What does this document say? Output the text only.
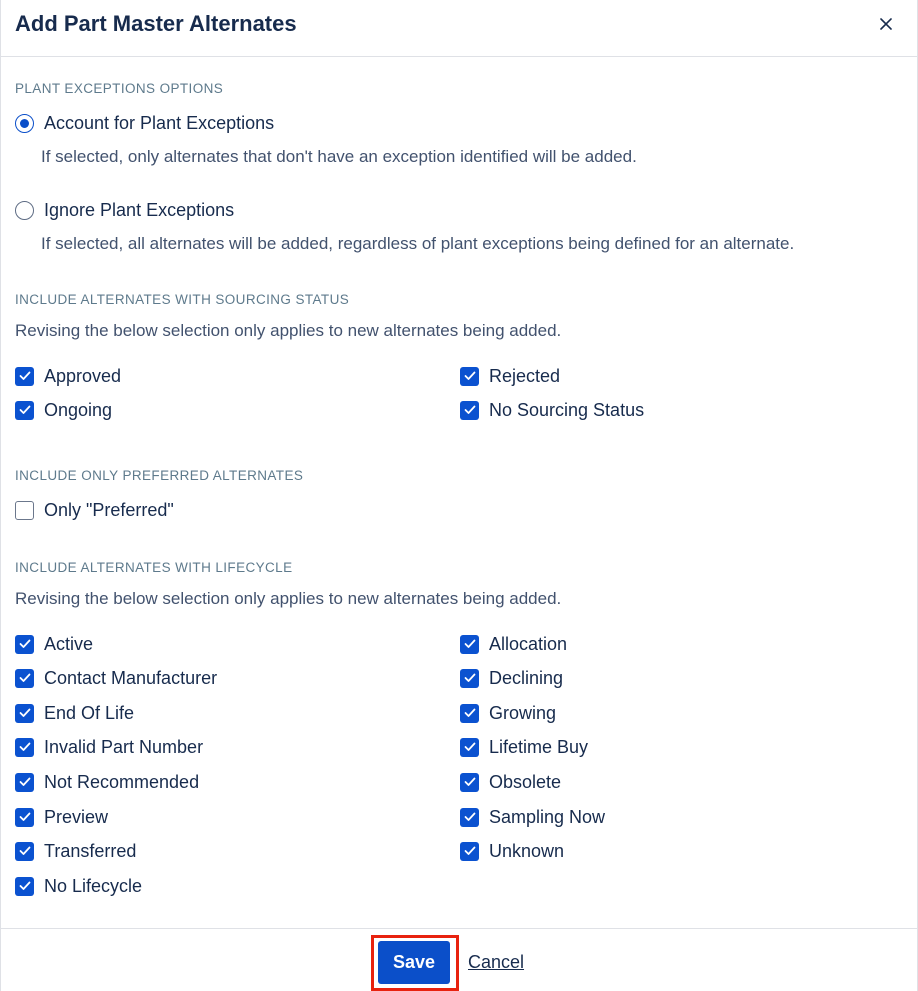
Add Part Master Alternates
PLANT EXCEPTIONS OPTIONS
Account for Plant Exceptions
If selected, only alternates that don't have an exception identified will be added.
Ignore Plant Exceptions
If selected, all alternates will be added, regardless of plant exceptions being defined for an alternate.
INCLUDE ALTERNATES WITH SOURCING STATUS
Revising the below selection only applies to new alternates being added.
Approved	Rejected
Ongoing	No Sourcing Status
INCLUDE ONLY PREFERRED ALTERNATES
Only "Preferred"
INCLUDE ALTERNATES WITH LIFECYCLE
Revising the below selection only applies to new alternates being added.
Active	Allocation
Contact Manufacturer	Declining
End Of Life	Growing
Invalid Part Number	Lifetime Buy
Not Recommended	Obsolete
Preview	Sampling Now
Transferred	Unknown
No Lifecycle
Save	Cancel
